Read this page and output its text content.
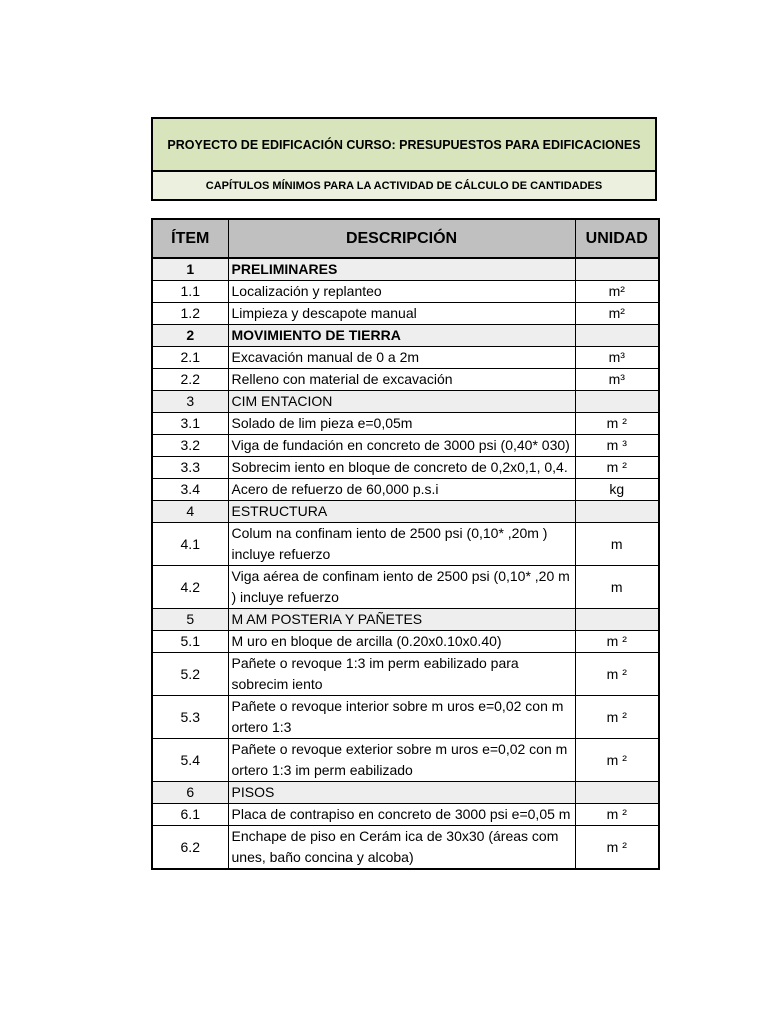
PROYECTO DE EDIFICACIÓN CURSO: PRESUPUESTOS PARA EDIFICACIONES
CAPÍTULOS MÍNIMOS PARA LA ACTIVIDAD DE CÁLCULO DE CANTIDADES
ÍTEM	DESCRIPCIÓN	UNIDAD
1	PRELIMINARES	
1.1	Localización y replanteo	m²
1.2	Limpieza y descapote manual	m²
2	MOVIMIENTO DE TIERRA	
2.1	Excavación manual de 0 a 2m	m³
2.2	Relleno con material de excavación	m³
3	CIM ENTACION	
3.1	Solado de lim pieza e=0,05m	m ²
3.2	Viga de fundación en concreto de 3000 psi (0,40* 030)	m ³
3.3	Sobrecim iento en bloque de concreto de 0,2x0,1, 0,4.	m ²
3.4	Acero de refuerzo de 60,000 p.s.i	kg
4	ESTRUCTURA	
4.1	Colum na confinam iento de 2500 psi (0,10* ,20m ) incluye refuerzo	m
4.2	Viga aérea de confinam iento de 2500 psi (0,10* ,20 m ) incluye refuerzo	m
5	M AM POSTERIA Y PAÑETES	
5.1	M uro en bloque de arcilla (0.20x0.10x0.40)	m ²
5.2	Pañete o revoque 1:3 im perm eabilizado para sobrecim iento	m ²
5.3	Pañete o revoque interior sobre m uros e=0,02 con m ortero 1:3	m ²
5.4	Pañete o revoque exterior sobre m uros e=0,02 con m ortero 1:3 im perm eabilizado	m ²
6	PISOS	
6.1	Placa de contrapiso en concreto de 3000 psi e=0,05 m	m ²
6.2	Enchape de piso en Cerám ica de 30x30 (áreas com unes, baño concina y alcoba)	m ²
